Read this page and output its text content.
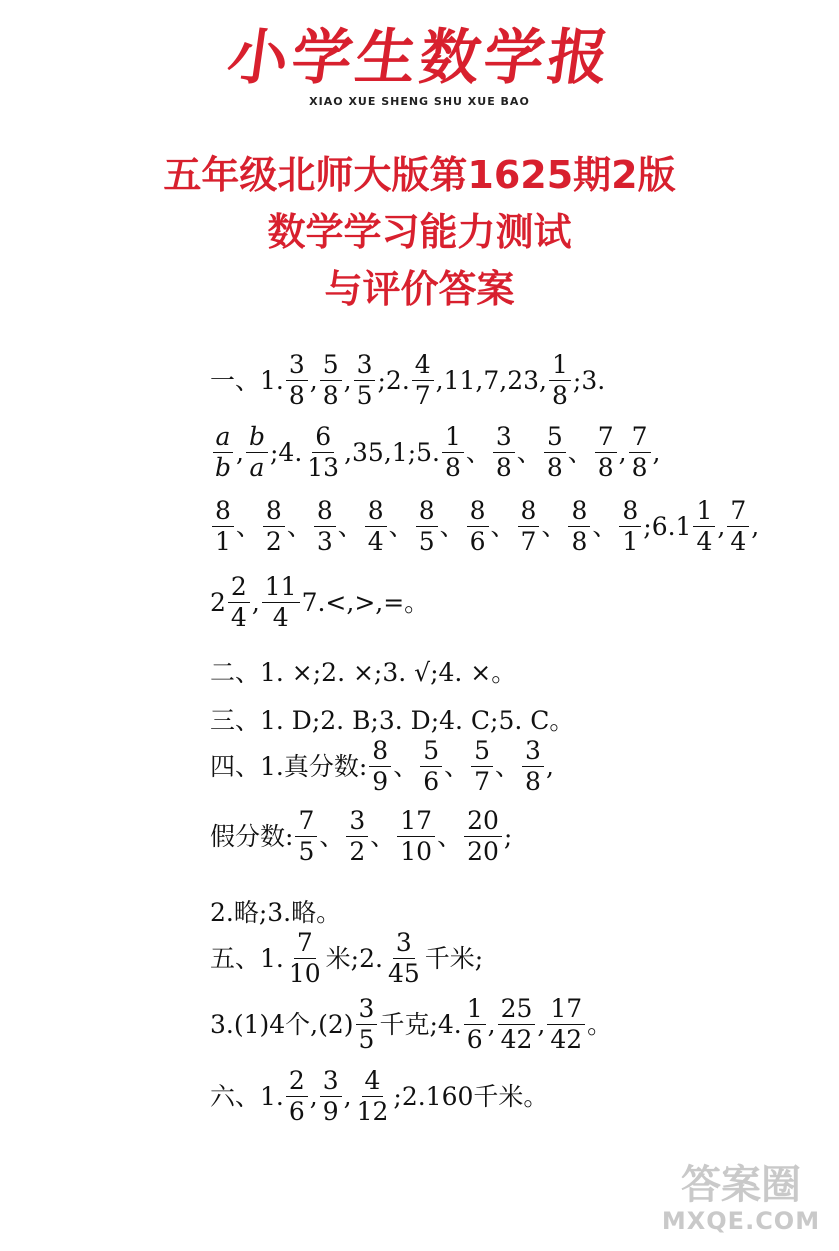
小学生数学报
XIAO XUE SHENG SHU XUE BAO
五年级北师大版第1625期2版
数学学习能力测试
与评价答案
一、1. $\frac{3}{8}$ , $\frac{5}{8}$ , $\frac{3}{5}$ ;2. $\frac{4}{7} ,11,7,23$, $\frac{1}{8}$ ;3.
$\frac{a}{b}$ , $\frac{b}{a}$ ;4. $\frac{6}{13}$ ,35,1;5. $\frac{1}{8}$ 、 $\frac{3}{8}$ 、 $\frac{5}{8}$ 、 $\frac{7}{8}$ , $\frac{7}{8}$ ,
$\frac{8}{1}$ 、 $\frac{8}{2}$ 、 $\frac{8}{3}$ 、 $\frac{8}{4}$ 、 $\frac{8}{5}$ 、 $\frac{8}{6}$ 、 $\frac{8}{7}$ 、 $\frac{8}{8}$ 、 $\frac{8}{1}$ ;6.1 $\frac{1}{4}$ , $\frac{7}{4}$ ,
$2 \frac{2}{4}$ , $\frac{11}{4} 7.<,>,=$。
二、1. ×;2. ×;3. √;4. ×。
三、1. D;2. B;3. D;4. C;5. C。
四、1.真分数: $\frac{8}{9}$ 、 $\frac{5}{6}$ 、 $\frac{5}{7}$ 、 $\frac{3}{8}$ ,
假分数: $\frac{7}{5}$ 、 $\frac{3}{2}$ 、 $\frac{17}{10}$ 、 $\frac{20}{20}$ ;
2.略;3.略。
五、1. $\frac{7}{10}$ 米;2. $\frac{3}{45}$ 千米;
3.(1)4个$,(2) \frac{3}{5}$ 千克;4. $\frac{1}{6}$ , $\frac{25}{42}$ , $\frac{17}{42}$ 。
六、1. $\frac{2}{6}$ , $\frac{3}{9}$ , $\frac{4}{12}$ ;2.160千米。
答案圈
MXQE.COM
